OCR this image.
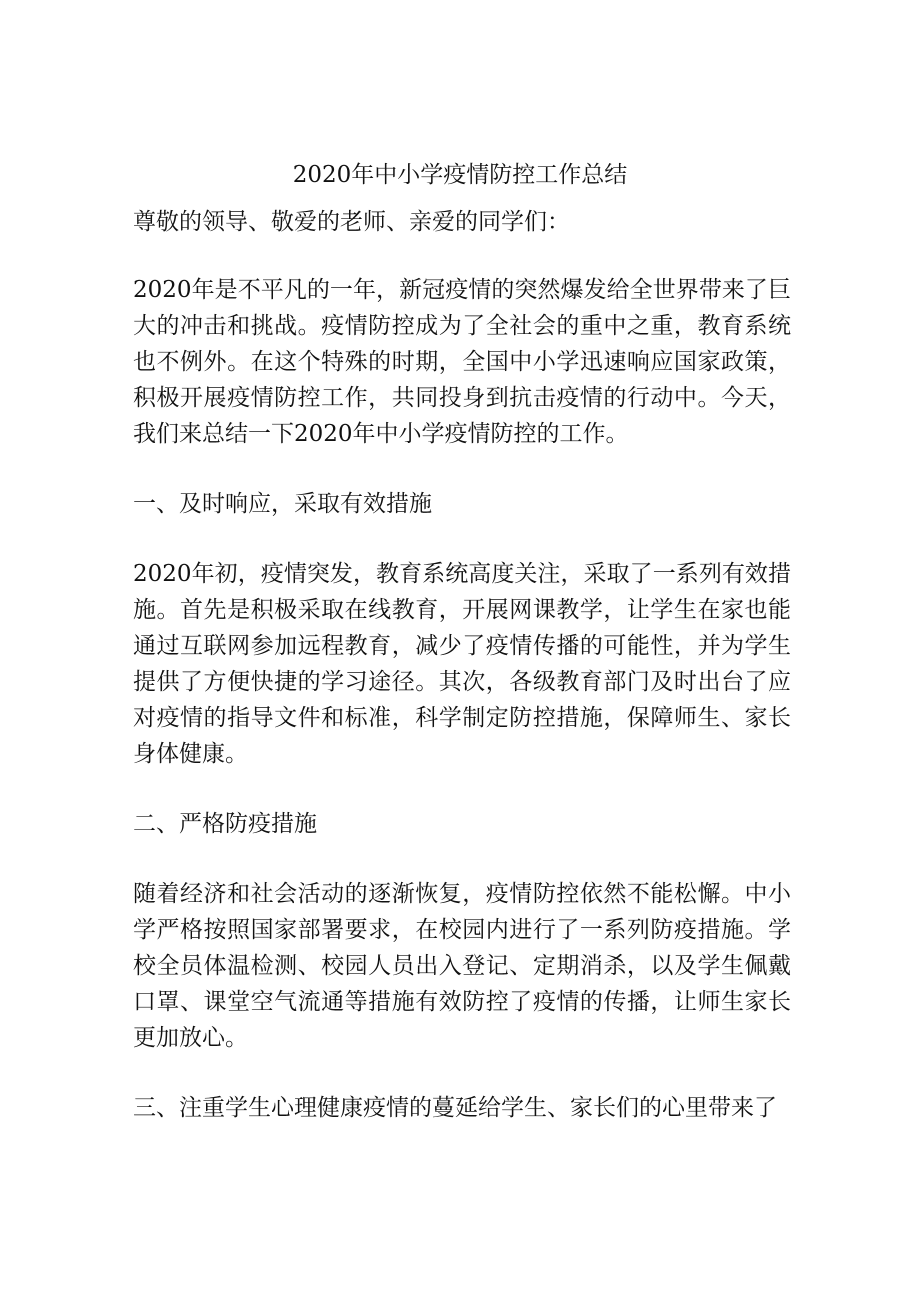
2020年中小学疫情防控工作总结

尊敬的领导、敬爱的老师、亲爱的同学们：

2020年是不平凡的一年，新冠疫情的突然爆发给全世界带来了巨大的冲击和挑战。疫情防控成为了全社会的重中之重，教育系统也不例外。在这个特殊的时期，全国中小学迅速响应国家政策，积极开展疫情防控工作，共同投身到抗击疫情的行动中。今天，我们来总结一下2020年中小学疫情防控的工作。

一、及时响应，采取有效措施

2020年初，疫情突发，教育系统高度关注，采取了一系列有效措施。首先是积极采取在线教育，开展网课教学，让学生在家也能通过互联网参加远程教育，减少了疫情传播的可能性，并为学生提供了方便快捷的学习途径。其次，各级教育部门及时出台了应对疫情的指导文件和标准，科学制定防控措施，保障师生、家长身体健康。

二、严格防疫措施

随着经济和社会活动的逐渐恢复，疫情防控依然不能松懈。中小学严格按照国家部署要求，在校园内进行了一系列防疫措施。学校全员体温检测、校园人员出入登记、定期消杀，以及学生佩戴口罩、课堂空气流通等措施有效防控了疫情的传播，让师生家长更加放心。

三、注重学生心理健康疫情的蔓延给学生、家长们的心里带来了
